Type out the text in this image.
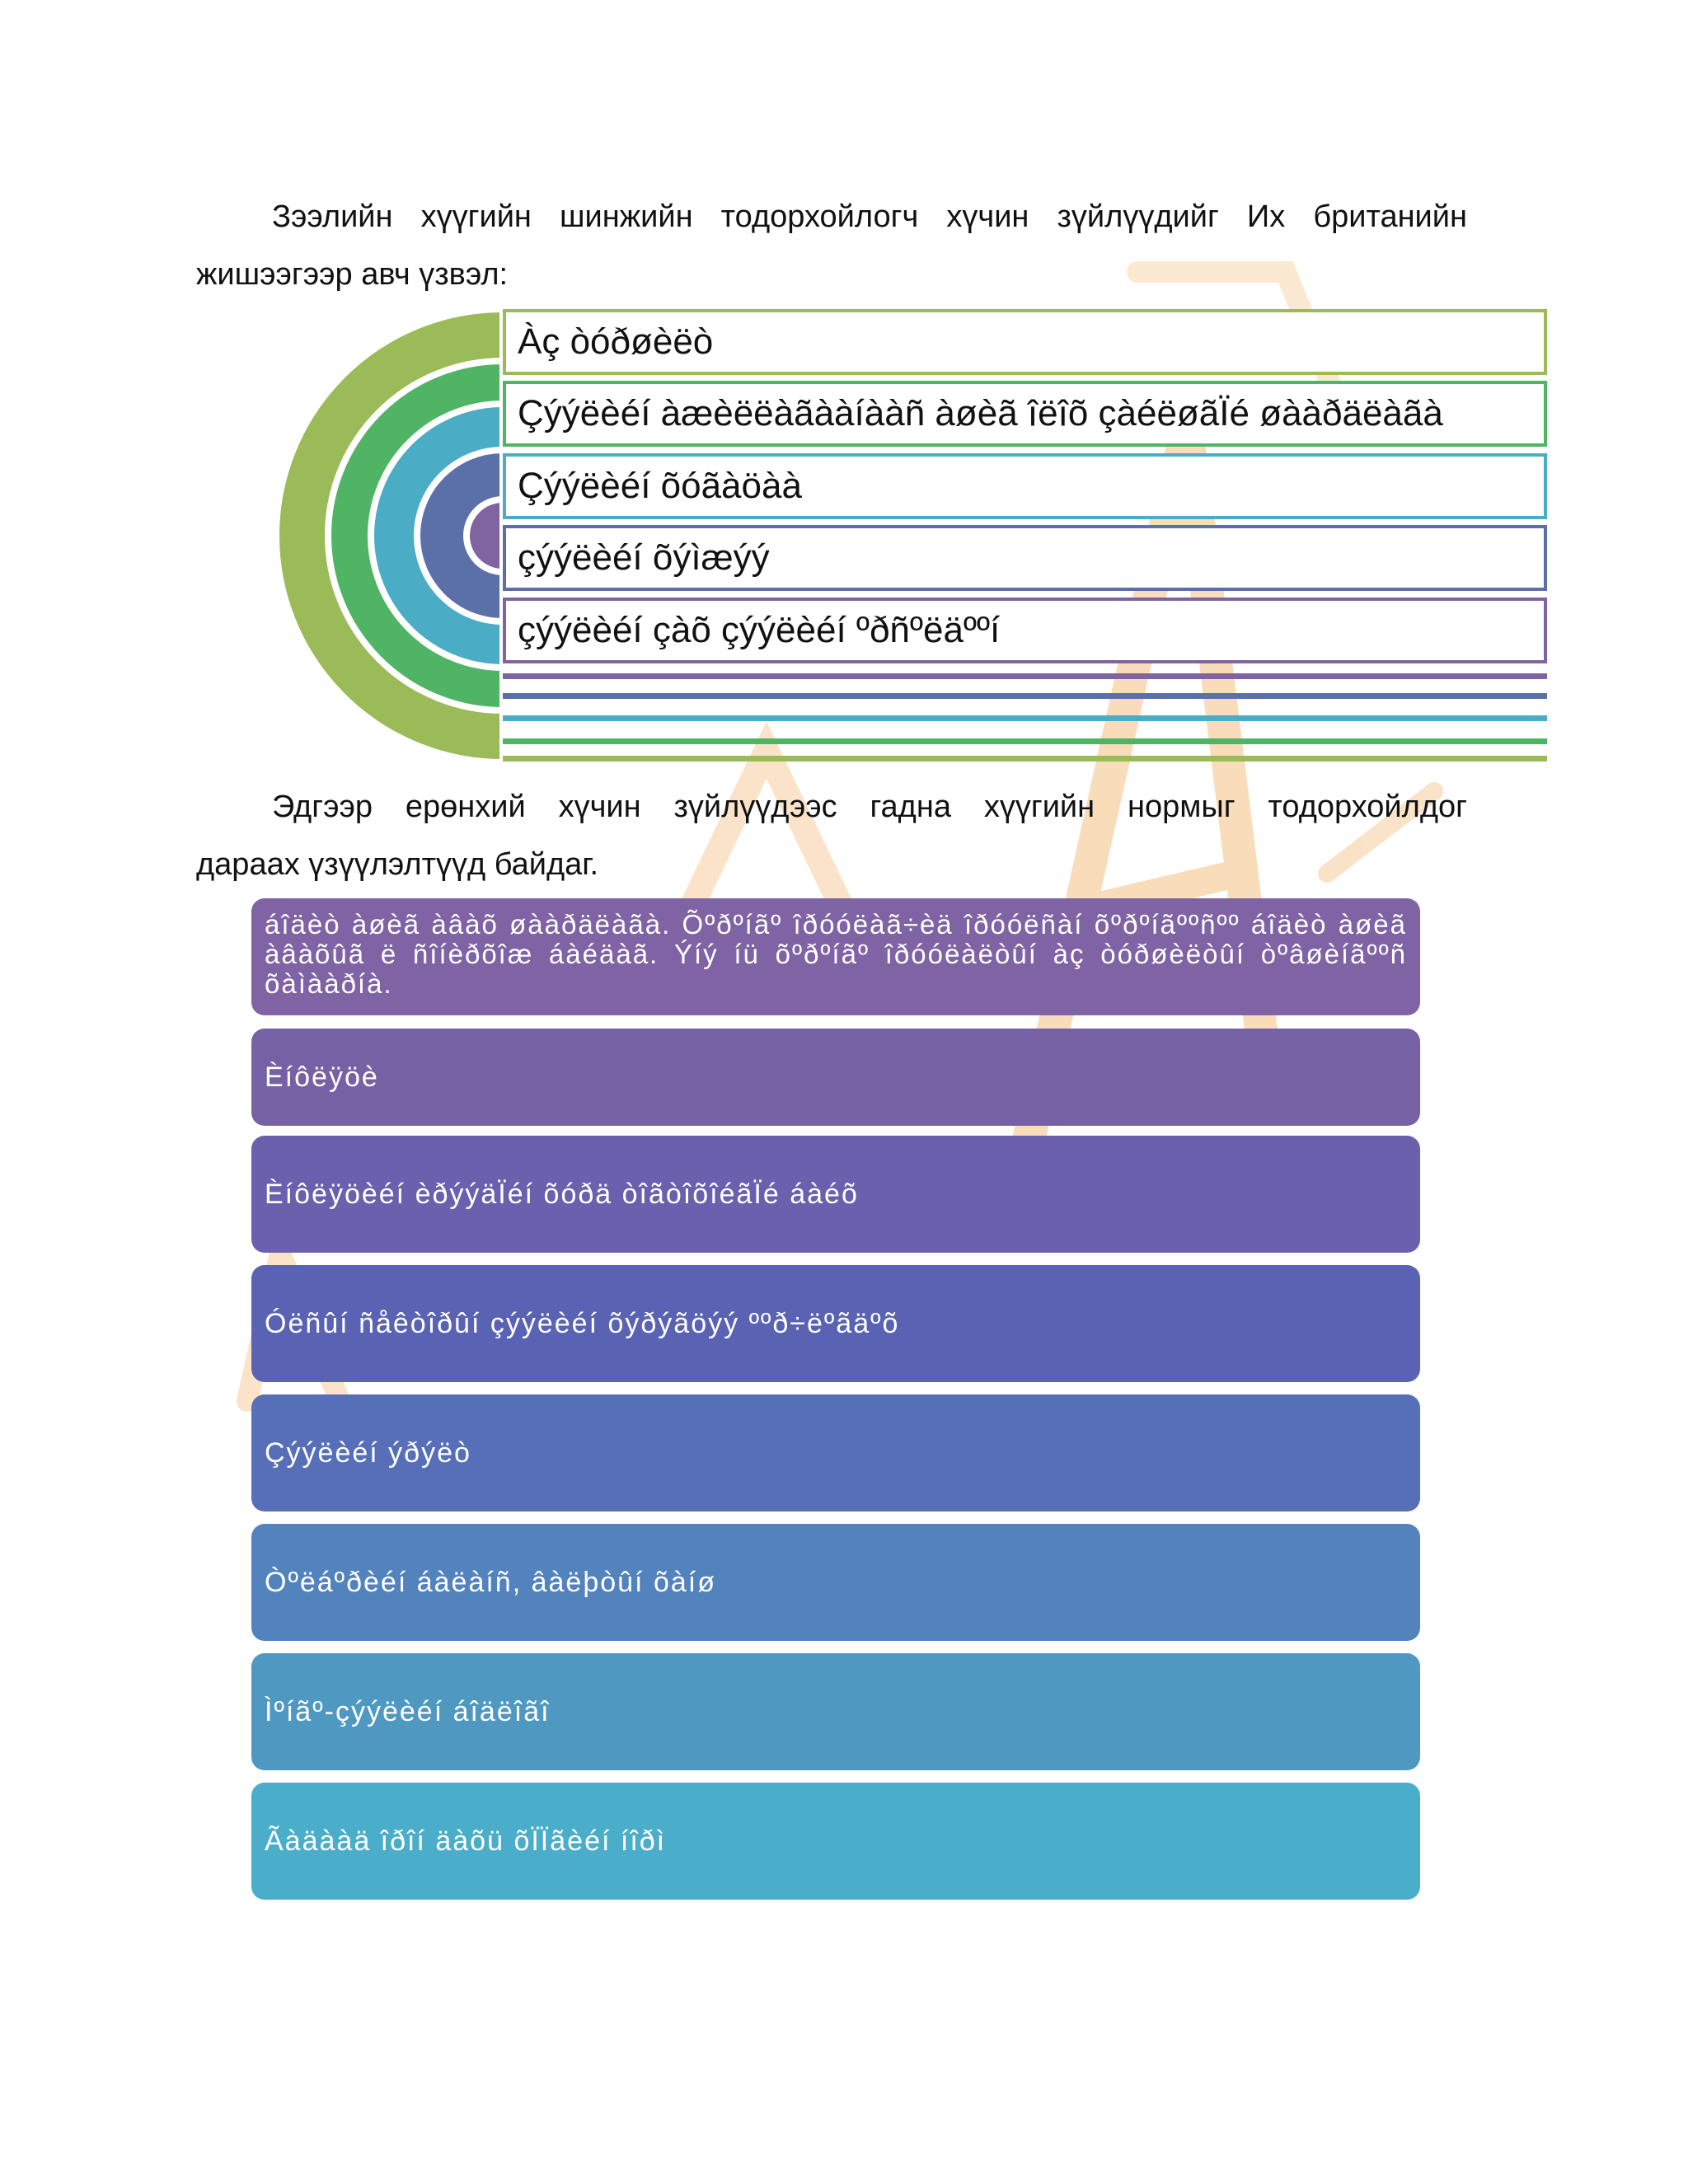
Зээлийн хүүгийн шинжийн тодорхойлогч хүчин зүйлүүдийг Их британийн
жишээгээр авч үзвэл:

Àç òóðøèëò
Çýýëèéí àæèëëàãààíààñ àøèã îëîõ çàéëøãЇé øààðäëàãà
Çýýëèéí õóãàöàà
çýýëèéí õýìæýý
çýýëèéí çàõ çýýëèéí ºðñºëäººí

Эдгээр ерөнхий хүчин зүйлүүдээс гадна хүүгийн нормыг тодорхойлдог
дараах үзүүлэлтүүд байдаг.

áîäèò àøèã àâàõ øààðäëàãà. Õºðºíãº îðóóëàã÷èä îðóóëñàí õºðºíãººñºº áîäèò àøèã àâàõûã ë ñîíèðõîæ áàéäàã. Ýíý íü õºðºíãº îðóóëàëòûí àç òóðøèëòûí òºâøèíãººñ õàìààðíà.
Èíôëÿöè
Èíôëÿöèéí èðýýäЇéí õóðä òîãòîõîéãЇé áàéõ
Óëñûí ñåêòîðûí çýýëèéí õýðýãöýý ººð÷ëºãäºõ
Çýýëèéí ýðýëò
Òºëáºðèéí áàëàíñ, âàëþòûí õàíø
Ìºíãº-çýýëèéí áîäëîãî
Ãàäààä îðîí äàõü õЇЇãèéí íîðì
